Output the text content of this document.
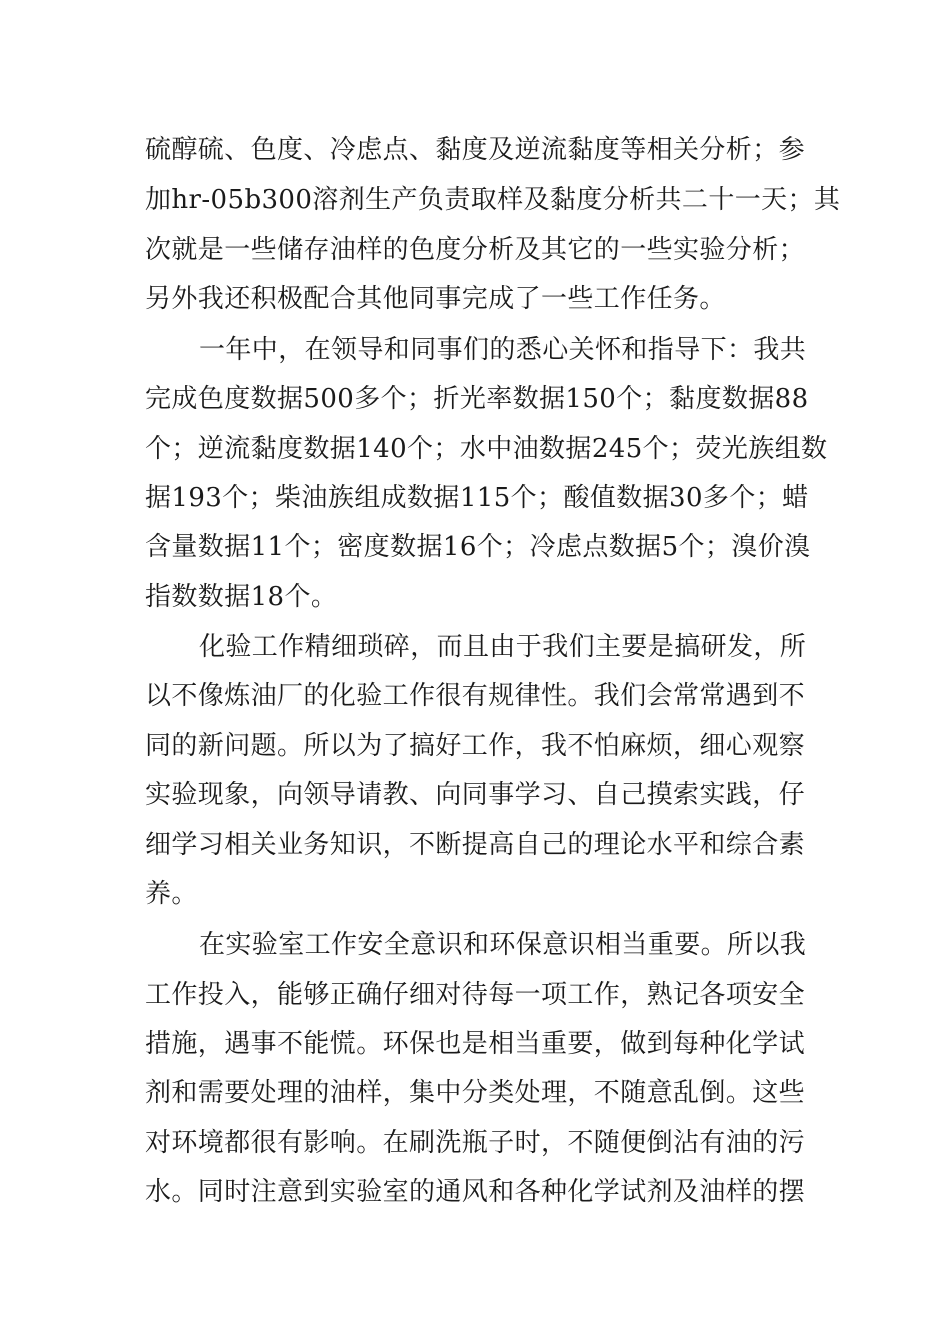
硫醇硫、色度、冷虑点、黏度及逆流黏度等相关分析；参
加hr-05b300溶剂生产负责取样及黏度分析共二十一天；其
次就是一些储存油样的色度分析及其它的一些实验分析；
另外我还积极配合其他同事完成了一些工作任务。
一年中，在领导和同事们的悉心关怀和指导下：我共
完成色度数据500多个；折光率数据150个；黏度数据88
个；逆流黏度数据140个；水中油数据245个；荧光族组数
据193个；柴油族组成数据115个；酸值数据30多个；蜡
含量数据11个；密度数据16个；冷虑点数据5个；溴价溴
指数数据18个。
化验工作精细琐碎，而且由于我们主要是搞研发，所
以不像炼油厂的化验工作很有规律性。我们会常常遇到不
同的新问题。所以为了搞好工作，我不怕麻烦，细心观察
实验现象，向领导请教、向同事学习、自己摸索实践，仔
细学习相关业务知识，不断提高自己的理论水平和综合素
养。
在实验室工作安全意识和环保意识相当重要。所以我
工作投入，能够正确仔细对待每一项工作，熟记各项安全
措施，遇事不能慌。环保也是相当重要，做到每种化学试
剂和需要处理的油样，集中分类处理，不随意乱倒。这些
对环境都很有影响。在刷洗瓶子时，不随便倒沾有油的污
水。同时注意到实验室的通风和各种化学试剂及油样的摆
